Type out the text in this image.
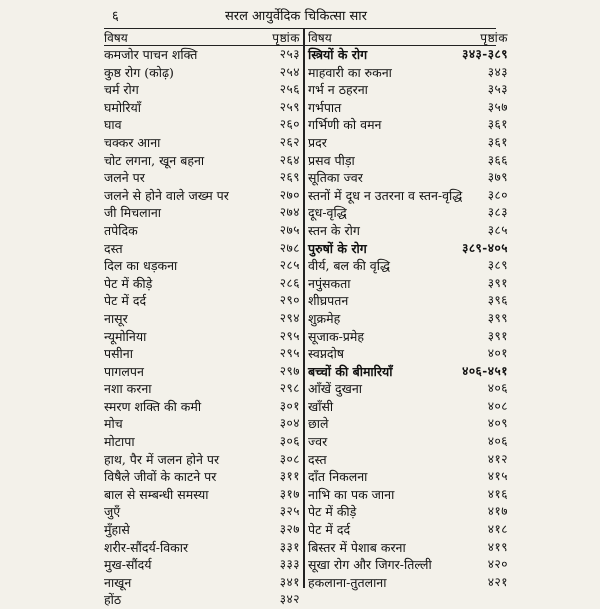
६	सरल आयुर्वेदिक चिकित्सा सार
विषय	पृष्ठांक
कमजोर पाचन शक्ति	२५३
कुष्ठ रोग (कोढ़)	२५४
चर्म रोग	२५६
घमोरियाँ	२५९
घाव	२६०
चक्कर आना	२६२
चोट लगना, खून बहना	२६४
जलने पर	२६९
जलने से होने वाले जख्म पर	२७०
जी मिचलाना	२७४
तपेदिक	२७५
दस्त	२७८
दिल का धड़कना	२८५
पेट में कीड़े	२८६
पेट में दर्द	२९०
नासूर	२९४
न्यूमोनिया	२९५
पसीना	२९५
पागलपन	२९७
नशा करना	२९८
स्मरण शक्ति की कमी	३०१
मोच	३०४
मोटापा	३०६
हाथ, पैर में जलन होने पर	३०८
विषैले जीवों के काटने पर	३११
बाल से सम्बन्धी समस्या	३१७
जुएँ	३२५
मुँहासे	३२७
शरीर-सौंदर्य-विकार	३३१
मुख-सौंदर्य	३३३
नाखून	३४१
होंठ	३४२
विषय	पृष्ठांक
स्त्रियों के रोग	३४३-३८९
माहवारी का रुकना	३४३
गर्भ न ठहरना	३५३
गर्भपात	३५७
गर्भिणी को वमन	३६१
प्रदर	३६१
प्रसव पीड़ा	३६६
सूतिका ज्वर	३७९
स्तनों में दूध न उतरना व स्तन-वृद्धि ३८०
दूध-वृद्धि	३८३
स्तन के रोग	३८५
पुरुषों के रोग	३८९-४०५
वीर्य, बल की वृद्धि	३८९
नपुंसकता	३९१
शीघ्रपतन	३९६
शुक्रमेह	३९९
सूजाक-प्रमेह	३९१
स्वप्नदोष	४०१
बच्चों की बीमारियाँ	४०६-४५१
आँखें दुखना	४०६
खाँसी	४०८
छाले	४०९
ज्वर	४०६
दस्त	४१२
दाँत निकलना	४१५
नाभि का पक जाना	४१६
पेट में कीड़े	४१७
पेट में दर्द	४१८
बिस्तर में पेशाब करना	४१९
सूखा रोग और जिगर-तिल्ली	४२०
हकलाना-तुतलाना	४२१
